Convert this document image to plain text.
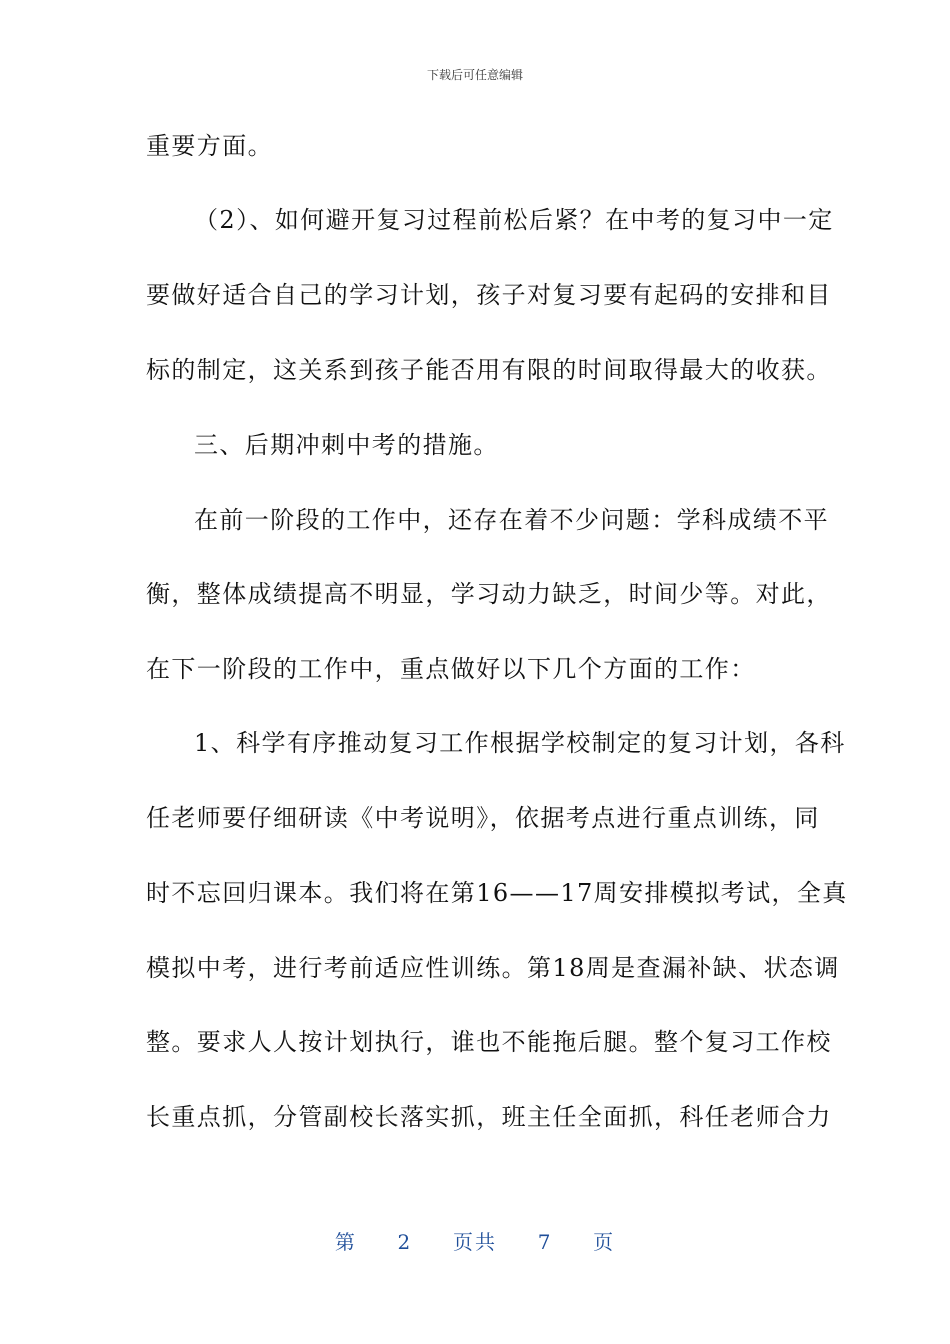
下载后可任意编辑
重要方面。
（2）、如何避开复习过程前松后紧？在中考的复习中一定
要做好适合自己的学习计划，孩子对复习要有起码的安排和目
标的制定，这关系到孩子能否用有限的时间取得最大的收获。
三、后期冲刺中考的措施。
在前一阶段的工作中，还存在着不少问题：学科成绩不平
衡，整体成绩提高不明显，学习动力缺乏，时间少等。对此，
在下一阶段的工作中，重点做好以下几个方面的工作：
1、科学有序推动复习工作根据学校制定的复习计划，各科
任老师要仔细研读《中考说明》，依据考点进行重点训练，同
时不忘回归课本。我们将在第16——17周安排模拟考试，全真
模拟中考，进行考前适应性训练。第18周是查漏补缺、状态调
整。要求人人按计划执行，谁也不能拖后腿。整个复习工作校
长重点抓，分管副校长落实抓，班主任全面抓，科任老师合力
第 2 页共 7 页
